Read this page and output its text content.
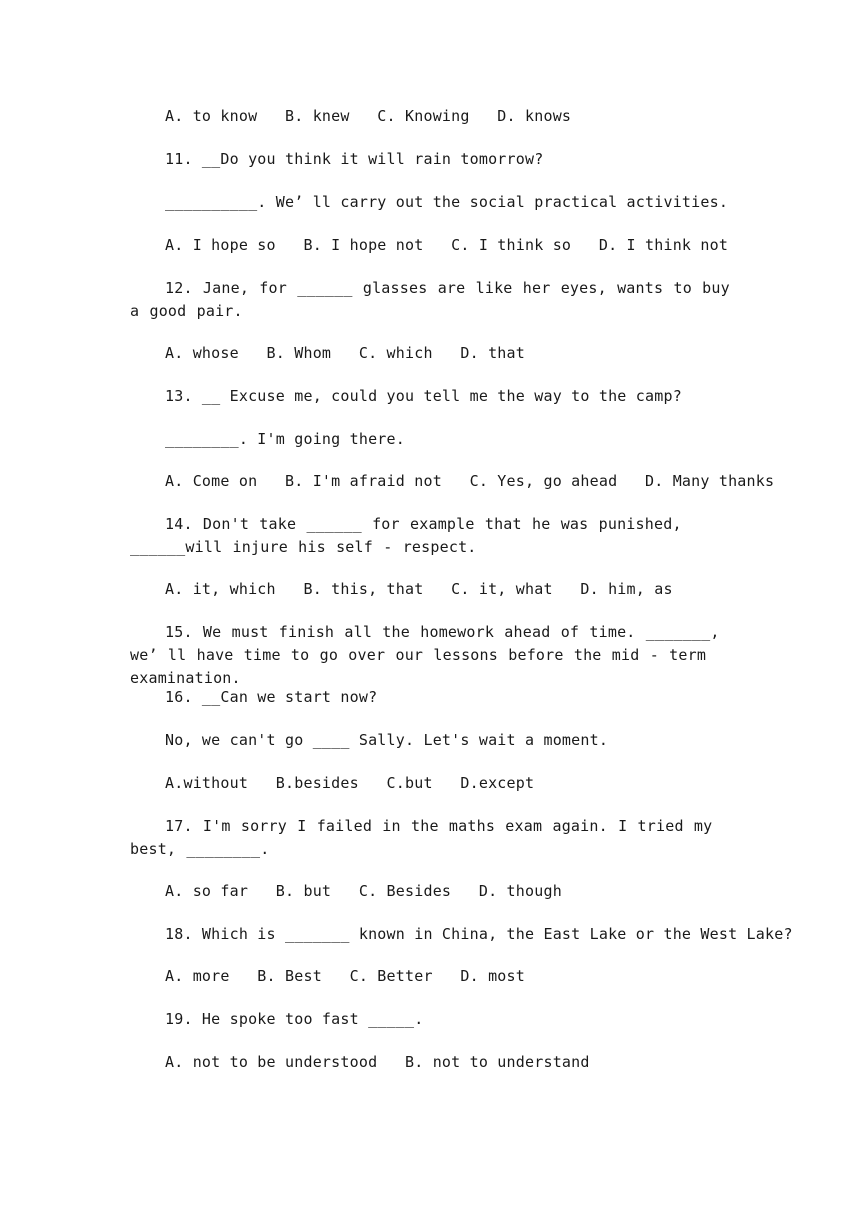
A. to know   B. knew   C. Knowing   D. knows
11. __Do you think it will rain tomorrow?
__________. We’ ll carry out the social practical activities.
A. I hope so   B. I hope not   C. I think so   D. I think not
12. Jane, for ______ glasses are like her eyes, wants to buy a good pair.
A. whose   B. Whom   C. which   D. that
13. __ Excuse me, could you tell me the way to the camp?
________. I'm going there.
A. Come on   B. I'm afraid not   C. Yes, go ahead   D. Many thanks
14. Don't take ______ for example that he was punished, ______will injure his self - respect.
A. it, which   B. this, that   C. it, what   D. him, as
15. We must finish all the homework ahead of time. _______, we’ ll have time to go over our lessons before the mid - term examination.
16. __Can we start now?
No, we can't go ____ Sally. Let's wait a moment.
A.without   B.besides   C.but   D.except
17. I'm sorry I failed in the maths exam again. I tried my best, ________.
A. so far   B. but   C. Besides   D. though
18. Which is _______ known in China, the East Lake or the West Lake?
A. more   B. Best   C. Better   D. most
19. He spoke too fast _____.
A. not to be understood   B. not to understand
